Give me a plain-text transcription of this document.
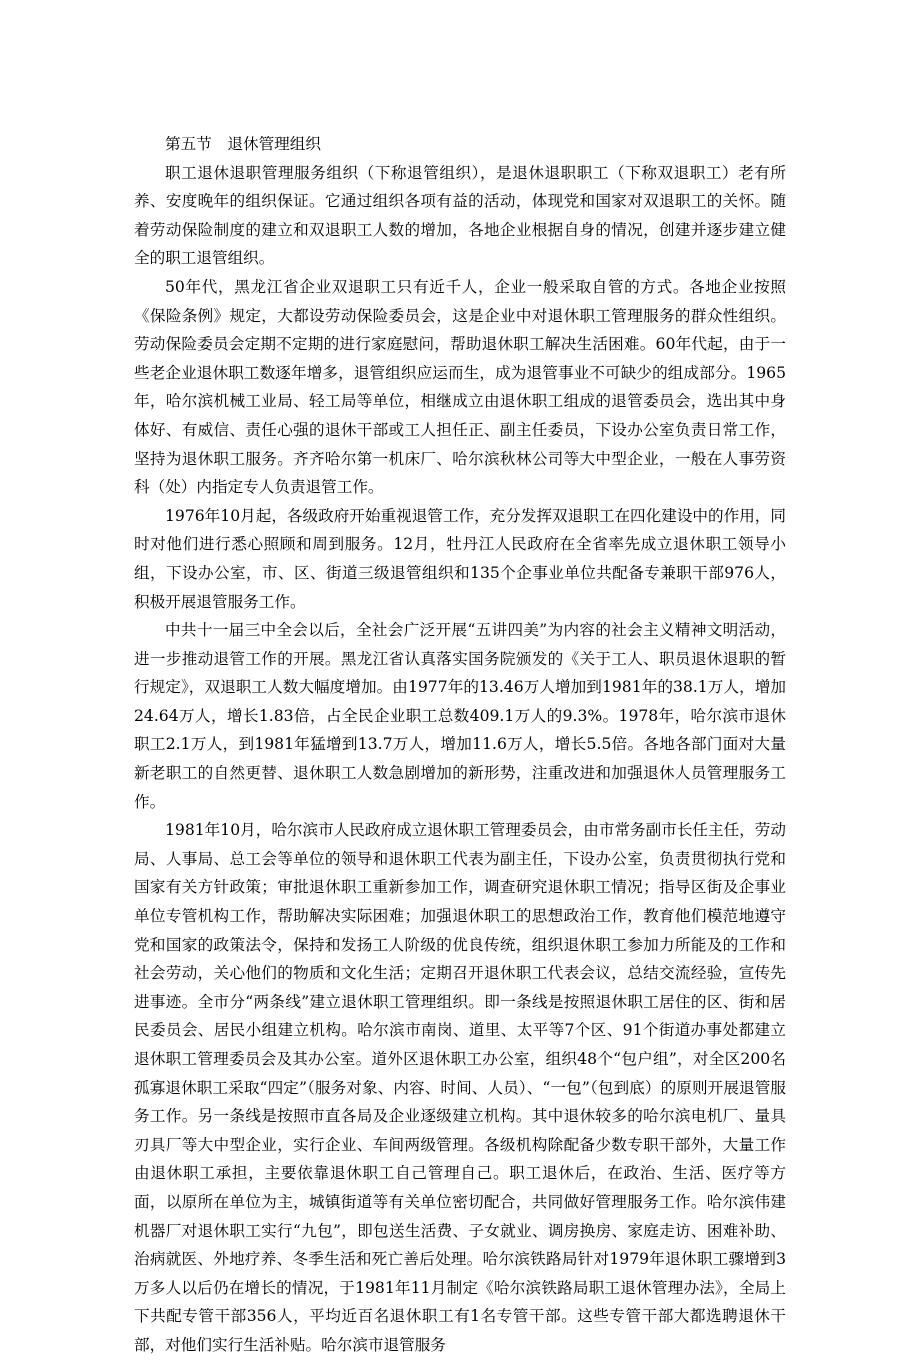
第五节　退休管理组织

职工退休退职管理服务组织（下称退管组织），是退休退职职工（下称双退职工）老有所养、安度晚年的组织保证。它通过组织各项有益的活动，体现党和国家对双退职工的关怀。随着劳动保险制度的建立和双退职工人数的增加，各地企业根据自身的情况，创建并逐步建立健全的职工退管组织。

50年代，黑龙江省企业双退职工只有近千人，企业一般采取自管的方式。各地企业按照《保险条例》规定，大都设劳动保险委员会，这是企业中对退休职工管理服务的群众性组织。劳动保险委员会定期不定期的进行家庭慰问，帮助退休职工解决生活困难。60年代起，由于一些老企业退休职工数逐年增多，退管组织应运而生，成为退管事业不可缺少的组成部分。1965年，哈尔滨机械工业局、轻工局等单位，相继成立由退休职工组成的退管委员会，选出其中身体好、有威信、责任心强的退休干部或工人担任正、副主任委员，下设办公室负责日常工作，坚持为退休职工服务。齐齐哈尔第一机床厂、哈尔滨秋林公司等大中型企业，一般在人事劳资科（处）内指定专人负责退管工作。

1976年10月起，各级政府开始重视退管工作，充分发挥双退职工在四化建设中的作用，同时对他们进行悉心照顾和周到服务。12月，牡丹江人民政府在全省率先成立退休职工领导小组，下设办公室，市、区、街道三级退管组织和135个企事业单位共配备专兼职干部976人，积极开展退管服务工作。

中共十一届三中全会以后，全社会广泛开展“五讲四美”为内容的社会主义精神文明活动，进一步推动退管工作的开展。黑龙江省认真落实国务院颁发的《关于工人、职员退休退职的暂行规定》，双退职工人数大幅度增加。由1977年的13.46万人增加到1981年的38.1万人，增加24.64万人，增长1.83倍，占全民企业职工总数409.1万人的9.3%。1978年，哈尔滨市退休职工2.1万人，到1981年猛增到13.7万人，增加11.6万人，增长5.5倍。各地各部门面对大量新老职工的自然更替、退休职工人数急剧增加的新形势，注重改进和加强退休人员管理服务工作。

1981年10月，哈尔滨市人民政府成立退休职工管理委员会，由市常务副市长任主任，劳动局、人事局、总工会等单位的领导和退休职工代表为副主任，下设办公室，负责贯彻执行党和国家有关方针政策；审批退休职工重新参加工作，调查研究退休职工情况；指导区街及企事业单位专管机构工作，帮助解决实际困难；加强退休职工的思想政治工作，教育他们模范地遵守党和国家的政策法令，保持和发扬工人阶级的优良传统，组织退休职工参加力所能及的工作和社会劳动，关心他们的物质和文化生活；定期召开退休职工代表会议，总结交流经验，宣传先进事迹。全市分“两条线”建立退休职工管理组织。即一条线是按照退休职工居住的区、街和居民委员会、居民小组建立机构。哈尔滨市南岗、道里、太平等7个区、91个街道办事处都建立退休职工管理委员会及其办公室。道外区退休职工办公室，组织48个“包户组”，对全区200名孤寡退休职工采取“四定”（服务对象、内容、时间、人员）、“一包”（包到底）的原则开展退管服务工作。另一条线是按照市直各局及企业逐级建立机构。其中退休较多的哈尔滨电机厂、量具刃具厂等大中型企业，实行企业、车间两级管理。各级机构除配备少数专职干部外，大量工作由退休职工承担，主要依靠退休职工自己管理自己。职工退休后，在政治、生活、医疗等方面，以原所在单位为主，城镇街道等有关单位密切配合，共同做好管理服务工作。哈尔滨伟建机器厂对退休职工实行“九包”，即包送生活费、子女就业、调房换房、家庭走访、困难补助、治病就医、外地疗养、冬季生活和死亡善后处理。哈尔滨铁路局针对1979年退休职工骤增到3万多人以后仍在增长的情况，于1981年11月制定《哈尔滨铁路局职工退休管理办法》，全局上下共配专管干部356人，平均近百名退休职工有1名专管干部。这些专管干部大都选聘退休干部，对他们实行生活补贴。哈尔滨市退管服务
